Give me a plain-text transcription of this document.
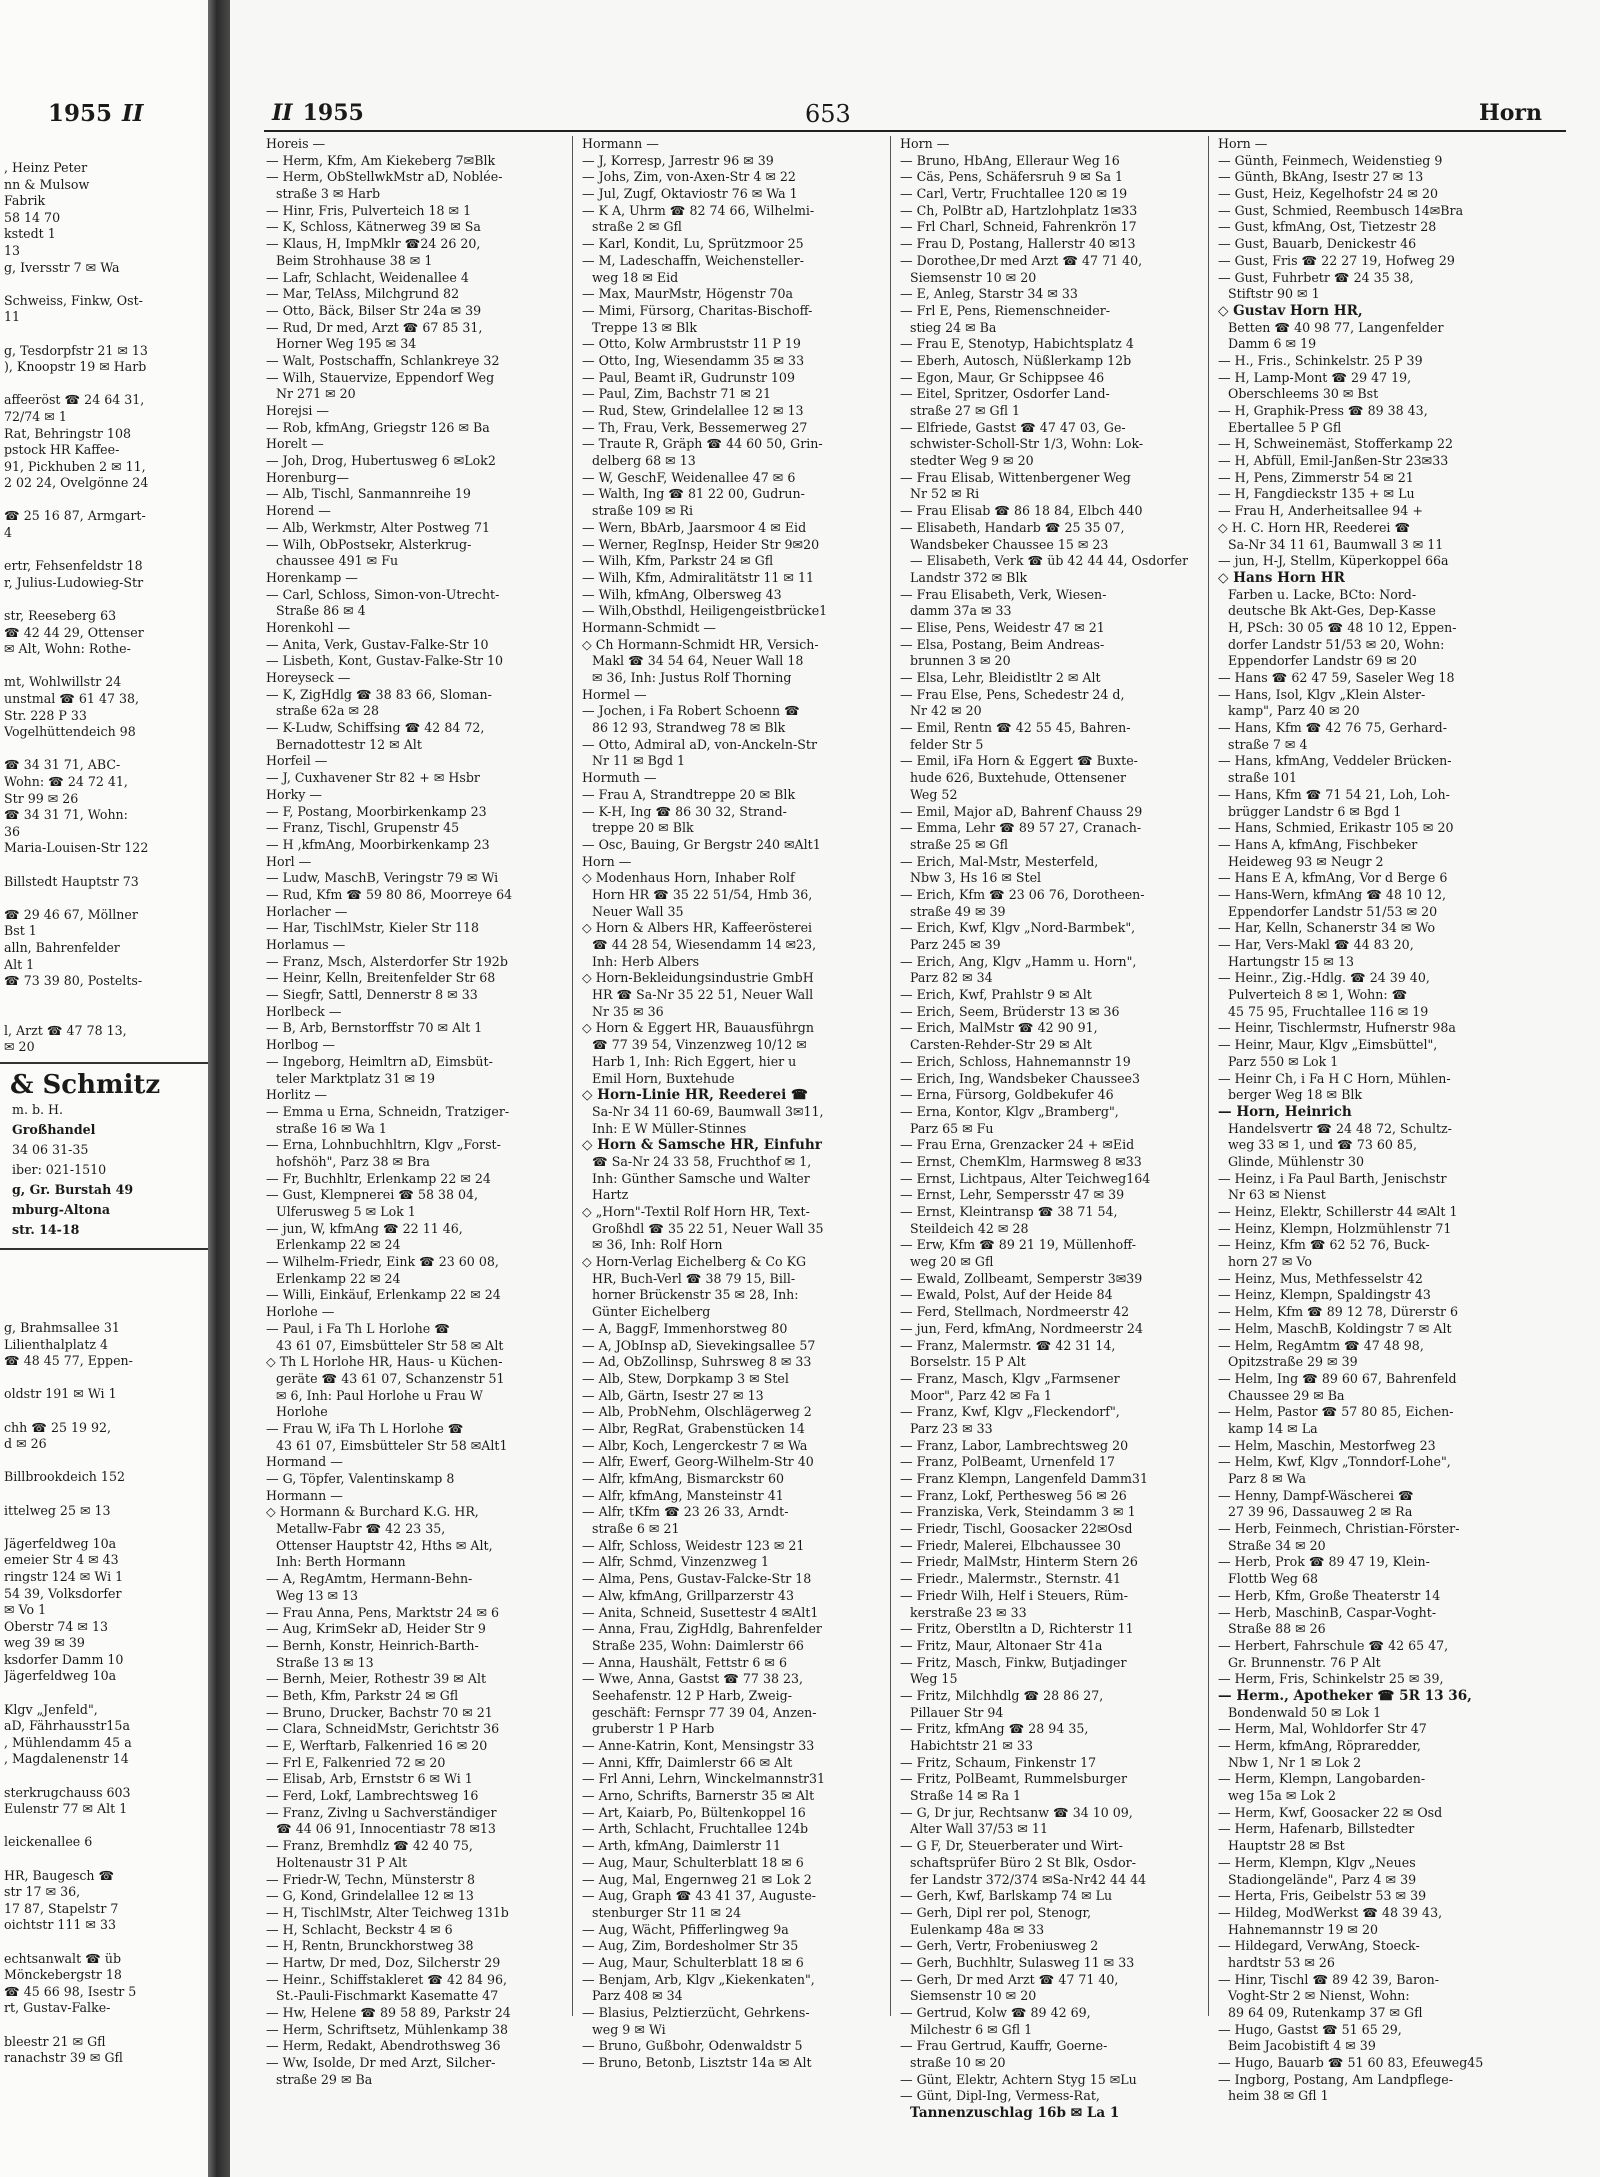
1955 II
, Heinz Peter
nn & Mulsow
Fabrik
58 14 70
kstedt 1
13
g, Iversstr 7 ✉ Wa

Schweiss, Finkw, Ost-
11

g, Tesdorpfstr 21 ✉ 13
), Knoopstr 19 ✉ Harb

affeeröst ☎ 24 64 31,
72/74 ✉ 1
Rat, Behringstr 108
pstock HR Kaffee-
91, Pickhuben 2 ✉ 11,
2 02 24, Ovelgönne 24

☎ 25 16 87, Armgart-
4

ertr, Fehsenfeldstr 18
r, Julius-Ludowieg-Str

str, Reeseberg 63
☎ 42 44 29, Ottenser
✉ Alt, Wohn: Rothe-

mt, Wohlwillstr 24
unstmal ☎ 61 47 38,
Str. 228 P 33
Vogelhüttendeich 98

☎ 34 31 71, ABC-
Wohn: ☎ 24 72 41,
Str 99 ✉ 26
☎ 34 31 71, Wohn:
36
Maria-Louisen-Str 122

Billstedt Hauptstr 73

☎ 29 46 67, Möllner
Bst 1
alln, Bahrenfelder
Alt 1
☎ 73 39 80, Postelts-

l, Arzt ☎ 47 78 13,
✉ 20
& Schmitz
m. b. H.
Großhandel
34 06 31-35
iber: 021-1510
g, Gr. Burstah 49
mburg-Altona
str. 14-18
g, Brahmsallee 31
Lilienthalplatz 4
☎ 48 45 77, Eppen-

oldstr 191 ✉ Wi 1

chh ☎ 25 19 92,
d ✉ 26

Billbrookdeich 152

ittelweg 25 ✉ 13

Jägerfeldweg 10a
emeier Str 4 ✉ 43
ringstr 124 ✉ Wi 1
54 39, Volksdorfer
✉ Vo 1
Oberstr 74 ✉ 13
weg 39 ✉ 39
ksdorfer Damm 10
Jägerfeldweg 10a

Klgv „Jenfeld",
aD, Fährhausstr15a
, Mühlendamm 45 a
, Magdalenenstr 14

sterkrugchauss 603
Eulenstr 77 ✉ Alt 1

leickenallee 6

HR, Baugesch ☎
str 17 ✉ 36,
17 87, Stapelstr 7
oichtstr 111 ✉ 33

echtsanwalt ☎ üb
Mönckebergstr 18
☎ 45 66 98, Isestr 5
rt, Gustav-Falke-

bleestr 21 ✉ Gfl
ranachstr 39 ✉ Gfl
II 1955	653	Horn
Horeis —
— Herm, Kfm, Am Kiekeberg 7✉Blk
— Herm, ObStellwkMstr aD, Noblée-
straße 3 ✉ Harb
— Hinr, Fris, Pulverteich 18 ✉ 1
— K, Schloss, Kätnerweg 39 ✉ Sa
— Klaus, H, ImpMklr ☎24 26 20,
Beim Strohhause 38 ✉ 1
— Lafr, Schlacht, Weidenallee 4
— Mar, TelAss, Milchgrund 82
— Otto, Bäck, Bilser Str 24a ✉ 39
— Rud, Dr med, Arzt ☎ 67 85 31,
Horner Weg 195 ✉ 34
— Walt, Postschaffn, Schlankreye 32
— Wilh, Stauervize, Eppendorf Weg
Nr 271 ✉ 20
Horejsi —
— Rob, kfmAng, Griegstr 126 ✉ Ba
Horelt —
— Joh, Drog, Hubertusweg 6 ✉Lok2
Horenburg—
— Alb, Tischl, Sanmannreihe 19
Horend —
— Alb, Werkmstr, Alter Postweg 71
— Wilh, ObPostsekr, Alsterkrug-
chaussee 491 ✉ Fu
Horenkamp —
— Carl, Schloss, Simon-von-Utrecht-
Straße 86 ✉ 4
Horenkohl —
— Anita, Verk, Gustav-Falke-Str 10
— Lisbeth, Kont, Gustav-Falke-Str 10
Horeyseck —
— K, ZigHdlg ☎ 38 83 66, Sloman-
straße 62a ✉ 28
— K-Ludw, Schiffsing ☎ 42 84 72,
Bernadottestr 12 ✉ Alt
Horfeil —
— J, Cuxhavener Str 82 + ✉ Hsbr
Horky —
— F, Postang, Moorbirkenkamp 23
— Franz, Tischl, Grupenstr 45
— H ,kfmAng, Moorbirkenkamp 23
Horl —
— Ludw, MaschB, Veringstr 79 ✉ Wi
— Rud, Kfm ☎ 59 80 86, Moorreye 64
Horlacher —
— Har, TischlMstr, Kieler Str 118
Horlamus —
— Franz, Msch, Alsterdorfer Str 192b
— Heinr, Kelln, Breitenfelder Str 68
— Siegfr, Sattl, Dennerstr 8 ✉ 33
Horlbeck —
— B, Arb, Bernstorffstr 70 ✉ Alt 1
Horlbog —
— Ingeborg, Heimltrn aD, Eimsbüt-
teler Marktplatz 31 ✉ 19
Horlitz —
— Emma u Erna, Schneidn, Tratziger-
straße 16 ✉ Wa 1
— Erna, Lohnbuchhltrn, Klgv „Forst-
hofshöh", Parz 38 ✉ Bra
— Fr, Buchhltr, Erlenkamp 22 ✉ 24
— Gust, Klempnerei ☎ 58 38 04,
Ulferusweg 5 ✉ Lok 1
— jun, W, kfmAng ☎ 22 11 46,
Erlenkamp 22 ✉ 24
— Wilhelm-Friedr, Eink ☎ 23 60 08,
Erlenkamp 22 ✉ 24
— Willi, Einkäuf, Erlenkamp 22 ✉ 24
Horlohe —
— Paul, i Fa Th L Horlohe ☎
43 61 07, Eimsbütteler Str 58 ✉ Alt
◇ Th L Horlohe HR, Haus- u Küchen-
geräte ☎ 43 61 07, Schanzenstr 51
✉ 6, Inh: Paul Horlohe u Frau W
Horlohe
— Frau W, iFa Th L Horlohe ☎
43 61 07, Eimsbütteler Str 58 ✉Alt1
Hormand —
— G, Töpfer, Valentinskamp 8
Hormann —
◇ Hormann & Burchard K.G. HR,
Metallw-Fabr ☎ 42 23 35,
Ottenser Hauptstr 42, Hths ✉ Alt,
Inh: Berth Hormann
— A, RegAmtm, Hermann-Behn-
Weg 13 ✉ 13
— Frau Anna, Pens, Marktstr 24 ✉ 6
— Aug, KrimSekr aD, Heider Str 9
— Bernh, Konstr, Heinrich-Barth-
Straße 13 ✉ 13
— Bernh, Meier, Rothestr 39 ✉ Alt
— Beth, Kfm, Parkstr 24 ✉ Gfl
— Bruno, Drucker, Bachstr 70 ✉ 21
— Clara, SchneidMstr, Gerichtstr 36
— E, Werftarb, Falkenried 16 ✉ 20
— Frl E, Falkenried 72 ✉ 20
— Elisab, Arb, Ernststr 6 ✉ Wi 1
— Ferd, Lokf, Lambrechtsweg 16
— Franz, Zivlng u Sachverständiger
☎ 44 06 91, Innocentiastr 78 ✉13
— Franz, Bremhdlz ☎ 42 40 75,
Holtenaustr 31 P Alt
— Friedr-W, Techn, Münsterstr 8
— G, Kond, Grindelallee 12 ✉ 13
— H, TischlMstr, Alter Teichweg 131b
— H, Schlacht, Beckstr 4 ✉ 6
— H, Rentn, Brunckhorstweg 38
— Hartw, Dr med, Doz, Silcherstr 29
— Heinr., Schiffstakleret ☎ 42 84 96,
St.-Pauli-Fischmarkt Kasematte 47
— Hw, Helene ☎ 89 58 89, Parkstr 24
— Herm, Schriftsetz, Mühlenkamp 38
— Herm, Redakt, Abendrothsweg 36
— Ww, Isolde, Dr med Arzt, Silcher-
straße 29 ✉ Ba
Hormann —
— J, Korresp, Jarrestr 96 ✉ 39
— Johs, Zim, von-Axen-Str 4 ✉ 22
— Jul, Zugf, Oktaviostr 76 ✉ Wa 1
— K A, Uhrm ☎ 82 74 66, Wilhelmi-
straße 2 ✉ Gfl
— Karl, Kondit, Lu, Sprützmoor 25
— M, Ladeschaffn, Weichensteller-
weg 18 ✉ Eid
— Max, MaurMstr, Högenstr 70a
— Mimi, Fürsorg, Charitas-Bischoff-
Treppe 13 ✉ Blk
— Otto, Kolw Armbruststr 11 P 19
— Otto, Ing, Wiesendamm 35 ✉ 33
— Paul, Beamt iR, Gudrunstr 109
— Paul, Zim, Bachstr 71 ✉ 21
— Rud, Stew, Grindelallee 12 ✉ 13
— Th, Frau, Verk, Bessemerweg 27
— Traute R, Gräph ☎ 44 60 50, Grin-
delberg 68 ✉ 13
— W, GeschF, Weidenallee 47 ✉ 6
— Walth, Ing ☎ 81 22 00, Gudrun-
straße 109 ✉ Ri
— Wern, BbArb, Jaarsmoor 4 ✉ Eid
— Werner, RegInsp, Heider Str 9✉20
— Wilh, Kfm, Parkstr 24 ✉ Gfl
— Wilh, Kfm, Admiralitätstr 11 ✉ 11
— Wilh, kfmAng, Olbersweg 43
— Wilh,Obsthdl, Heiligengeistbrücke1
Hormann-Schmidt —
◇ Ch Hormann-Schmidt HR, Versich-
Makl ☎ 34 54 64, Neuer Wall 18
✉ 36, Inh: Justus Rolf Thorning
Hormel —
— Jochen, i Fa Robert Schoenn ☎
86 12 93, Strandweg 78 ✉ Blk
— Otto, Admiral aD, von-Anckeln-Str
Nr 11 ✉ Bgd 1
Hormuth —
— Frau A, Strandtreppe 20 ✉ Blk
— K-H, Ing ☎ 86 30 32, Strand-
treppe 20 ✉ Blk
— Osc, Bauing, Gr Bergstr 240 ✉Alt1
Horn —
◇ Modenhaus Horn, Inhaber Rolf
Horn HR ☎ 35 22 51/54, Hmb 36,
Neuer Wall 35
◇ Horn & Albers HR, Kaffeerösterei
☎ 44 28 54, Wiesendamm 14 ✉23,
Inh: Herb Albers
◇ Horn-Bekleidungsindustrie GmbH
HR ☎ Sa-Nr 35 22 51, Neuer Wall
Nr 35 ✉ 36
◇ Horn & Eggert HR, Bauausführgn
☎ 77 39 54, Vinzenzweg 10/12 ✉
Harb 1, Inh: Rich Eggert, hier u
Emil Horn, Buxtehude
◇ Horn-Linie HR, Reederei ☎
Sa-Nr 34 11 60-69, Baumwall 3✉11,
Inh: E W Müller-Stinnes
◇ Horn & Samsche HR, Einfuhr
☎ Sa-Nr 24 33 58, Fruchthof ✉ 1,
Inh: Günther Samsche und Walter
Hartz
◇ „Horn"-Textil Rolf Horn HR, Text-
Großhdl ☎ 35 22 51, Neuer Wall 35
✉ 36, Inh: Rolf Horn
◇ Horn-Verlag Eichelberg & Co KG
HR, Buch-Verl ☎ 38 79 15, Bill-
horner Brückenstr 35 ✉ 28, Inh:
Günter Eichelberg
— A, BaggF, Immenhorstweg 80
— A, JObInsp aD, Sievekingsallee 57
— Ad, ObZollinsp, Suhrsweg 8 ✉ 33
— Alb, Stew, Dorpkamp 3 ✉ Stel
— Alb, Gärtn, Isestr 27 ✉ 13
— Alb, ProbNehm, Olschlägerweg 2
— Albr, RegRat, Grabenstücken 14
— Albr, Koch, Lengerckestr 7 ✉ Wa
— Alfr, Ewerf, Georg-Wilhelm-Str 40
— Alfr, kfmAng, Bismarckstr 60
— Alfr, kfmAng, Mansteinstr 41
— Alfr, tKfm ☎ 23 26 33, Arndt-
straße 6 ✉ 21
— Alfr, Schloss, Weidestr 123 ✉ 21
— Alfr, Schmd, Vinzenzweg 1
— Alma, Pens, Gustav-Falcke-Str 18
— Alw, kfmAng, Grillparzerstr 43
— Anita, Schneid, Susettestr 4 ✉Alt1
— Anna, Frau, ZigHdlg, Bahrenfelder
Straße 235, Wohn: Daimlerstr 66
— Anna, Haushält, Fettstr 6 ✉ 6
— Wwe, Anna, Gastst ☎ 77 38 23,
Seehafenstr. 12 P Harb, Zweig-
geschäft: Fernspr 77 39 04, Anzen-
gruberstr 1 P Harb
— Anne-Katrin, Kont, Mensingstr 33
— Anni, Kffr, Daimlerstr 66 ✉ Alt
— Frl Anni, Lehrn, Winckelmannstr31
— Arno, Schrifts, Barnerstr 35 ✉ Alt
— Art, Kaiarb, Po, Bültenkoppel 16
— Arth, Schlacht, Fruchtallee 124b
— Arth, kfmAng, Daimlerstr 11
— Aug, Maur, Schulterblatt 18 ✉ 6
— Aug, Mal, Engernweg 21 ✉ Lok 2
— Aug, Graph ☎ 43 41 37, Auguste-
stenburger Str 11 ✉ 24
— Aug, Wächt, Pfifferlingweg 9a
— Aug, Zim, Bordesholmer Str 35
— Aug, Maur, Schulterblatt 18 ✉ 6
— Benjam, Arb, Klgv „Kiekenkaten",
Parz 408 ✉ 34
— Blasius, Pelztierzücht, Gehrkens-
weg 9 ✉ Wi
— Bruno, Gußbohr, Odenwaldstr 5
— Bruno, Betonb, Lisztstr 14a ✉ Alt
Horn —
— Bruno, HbAng, Elleraur Weg 16
— Cäs, Pens, Schäfersruh 9 ✉ Sa 1
— Carl, Vertr, Fruchtallee 120 ✉ 19
— Ch, PolBtr aD, Hartzlohplatz 1✉33
— Frl Charl, Schneid, Fahrenkrön 17
— Frau D, Postang, Hallerstr 40 ✉13
— Dorothee,Dr med Arzt ☎ 47 71 40,
Siemsenstr 10 ✉ 20
— E, Anleg, Starstr 34 ✉ 33
— Frl E, Pens, Riemenschneider-
stieg 24 ✉ Ba
— Frau E, Stenotyp, Habichtsplatz 4
— Eberh, Autosch, Nüßlerkamp 12b
— Egon, Maur, Gr Schippsee 46
— Eitel, Spritzer, Osdorfer Land-
straße 27 ✉ Gfl 1
— Elfriede, Gastst ☎ 47 47 03, Ge-
schwister-Scholl-Str 1/3, Wohn: Lok-
stedter Weg 9 ✉ 20
— Frau Elisab, Wittenbergener Weg
Nr 52 ✉ Ri
— Frau Elisab ☎ 86 18 84, Elbch 440
— Elisabeth, Handarb ☎ 25 35 07,
Wandsbeker Chaussee 15 ✉ 23
— Elisabeth, Verk ☎ üb 42 44 44, Osdorfer
Landstr 372 ✉ Blk
— Frau Elisabeth, Verk, Wiesen-
damm 37a ✉ 33
— Elise, Pens, Weidestr 47 ✉ 21
— Elsa, Postang, Beim Andreas-
brunnen 3 ✉ 20
— Elsa, Lehr, Bleidistltr 2 ✉ Alt
— Frau Else, Pens, Schedestr 24 d,
Nr 42 ✉ 20
— Emil, Rentn ☎ 42 55 45, Bahren-
felder Str 5
— Emil, iFa Horn & Eggert ☎ Buxte-
hude 626, Buxtehude, Ottensener
Weg 52
— Emil, Major aD, Bahrenf Chauss 29
— Emma, Lehr ☎ 89 57 27, Cranach-
straße 25 ✉ Gfl
— Erich, Mal-Mstr, Mesterfeld,
Nbw 3, Hs 16 ✉ Stel
— Erich, Kfm ☎ 23 06 76, Dorotheen-
straße 49 ✉ 39
— Erich, Kwf, Klgv „Nord-Barmbek",
Parz 245 ✉ 39
— Erich, Ang, Klgv „Hamm u. Horn",
Parz 82 ✉ 34
— Erich, Kwf, Prahlstr 9 ✉ Alt
— Erich, Seem, Brüderstr 13 ✉ 36
— Erich, MalMstr ☎ 42 90 91,
Carsten-Rehder-Str 29 ✉ Alt
— Erich, Schloss, Hahnemannstr 19
— Erich, Ing, Wandsbeker Chaussee3
— Erna, Fürsorg, Goldbekufer 46
— Erna, Kontor, Klgv „Bramberg",
Parz 65 ✉ Fu
— Frau Erna, Grenzacker 24 + ✉Eid
— Ernst, ChemKlm, Harmsweg 8 ✉33
— Ernst, Lichtpaus, Alter Teichweg164
— Ernst, Lehr, Sempersstr 47 ✉ 39
— Ernst, Kleintransp ☎ 38 71 54,
Steildeich 42 ✉ 28
— Erw, Kfm ☎ 89 21 19, Müllenhoff-
weg 20 ✉ Gfl
— Ewald, Zollbeamt, Semperstr 3✉39
— Ewald, Polst, Auf der Heide 84
— Ferd, Stellmach, Nordmeerstr 42
— jun, Ferd, kfmAng, Nordmeerstr 24
— Franz, Malermstr. ☎ 42 31 14,
Borselstr. 15 P Alt
— Franz, Masch, Klgv „Farmsener
Moor", Parz 42 ✉ Fa 1
— Franz, Kwf, Klgv „Fleckendorf",
Parz 23 ✉ 33
— Franz, Labor, Lambrechtsweg 20
— Franz, PolBeamt, Urnenfeld 17
— Franz Klempn, Langenfeld Damm31
— Franz, Lokf, Perthesweg 56 ✉ 26
— Franziska, Verk, Steindamm 3 ✉ 1
— Friedr, Tischl, Goosacker 22✉Osd
— Friedr, Malerei, Elbchaussee 30
— Friedr, MalMstr, Hinterm Stern 26
— Friedr., Malermstr., Sternstr. 41
— Friedr Wilh, Helf i Steuers, Rüm-
kerstraße 23 ✉ 33
— Fritz, Oberstltn a D, Richterstr 11
— Fritz, Maur, Altonaer Str 41a
— Fritz, Masch, Finkw, Butjadinger
Weg 15
— Fritz, Milchhdlg ☎ 28 86 27,
Pillauer Str 94
— Fritz, kfmAng ☎ 28 94 35,
Habichtstr 21 ✉ 33
— Fritz, Schaum, Finkenstr 17
— Fritz, PolBeamt, Rummelsburger
Straße 14 ✉ Ra 1
— G, Dr jur, Rechtsanw ☎ 34 10 09,
Alter Wall 37/53 ✉ 11
— G F, Dr, Steuerberater und Wirt-
schaftsprüfer Büro 2 St Blk, Osdor-
fer Landstr 372/374 ✉Sa-Nr42 44 44
— Gerh, Kwf, Barlskamp 74 ✉ Lu
— Gerh, Dipl rer pol, Stenogr,
Eulenkamp 48a ✉ 33
— Gerh, Vertr, Frobeniusweg 2
— Gerh, Buchhltr, Sulasweg 11 ✉ 33
— Gerh, Dr med Arzt ☎ 47 71 40,
Siemsenstr 10 ✉ 20
— Gertrud, Kolw ☎ 89 42 69,
Milchestr 6 ✉ Gfl 1
— Frau Gertrud, Kauffr, Goerne-
straße 10 ✉ 20
— Günt, Elektr, Achtern Styg 15 ✉Lu
— Günt, Dipl-Ing, Vermess-Rat,
Tannenzuschlag 16b ✉ La 1
Horn —
— Günth, Feinmech, Weidenstieg 9
— Günth, BkAng, Isestr 27 ✉ 13
— Gust, Heiz, Kegelhofstr 24 ✉ 20
— Gust, Schmied, Reembusch 14✉Bra
— Gust, kfmAng, Ost, Tietzestr 28
— Gust, Bauarb, Denickestr 46
— Gust, Fris ☎ 22 27 19, Hofweg 29
— Gust, Fuhrbetr ☎ 24 35 38,
Stiftstr 90 ✉ 1
◇ Gustav Horn HR,
Betten ☎ 40 98 77, Langenfelder
Damm 6 ✉ 19
— H., Fris., Schinkelstr. 25 P 39
— H, Lamp-Mont ☎ 29 47 19,
Oberschleems 30 ✉ Bst
— H, Graphik-Press ☎ 89 38 43,
Ebertallee 5 P Gfl
— H, Schweinemäst, Stofferkamp 22
— H, Abfüll, Emil-Janßen-Str 23✉33
— H, Pens, Zimmerstr 54 ✉ 21
— H, Fangdieckstr 135 + ✉ Lu
— Frau H, Anderheitsallee 94 +
◇ H. C. Horn HR, Reederei ☎
Sa-Nr 34 11 61, Baumwall 3 ✉ 11
— jun, H-J, Stellm, Küperkoppel 66a
◇ Hans Horn HR
Farben u. Lacke, BCto: Nord-
deutsche Bk Akt-Ges, Dep-Kasse
H, PSch: 30 05 ☎ 48 10 12, Eppen-
dorfer Landstr 51/53 ✉ 20, Wohn:
Eppendorfer Landstr 69 ✉ 20
— Hans ☎ 62 47 59, Saseler Weg 18
— Hans, Isol, Klgv „Klein Alster-
kamp", Parz 40 ✉ 20
— Hans, Kfm ☎ 42 76 75, Gerhard-
straße 7 ✉ 4
— Hans, kfmAng, Veddeler Brücken-
straße 101
— Hans, Kfm ☎ 71 54 21, Loh, Loh-
brügger Landstr 6 ✉ Bgd 1
— Hans, Schmied, Erikastr 105 ✉ 20
— Hans A, kfmAng, Fischbeker
Heideweg 93 ✉ Neugr 2
— Hans E A, kfmAng, Vor d Berge 6
— Hans-Wern, kfmAng ☎ 48 10 12,
Eppendorfer Landstr 51/53 ✉ 20
— Har, Kelln, Schanerstr 34 ✉ Wo
— Har, Vers-Makl ☎ 44 83 20,
Hartungstr 15 ✉ 13
— Heinr., Zig.-Hdlg. ☎ 24 39 40,
Pulverteich 8 ✉ 1, Wohn: ☎
45 75 95, Fruchtallee 116 ✉ 19
— Heinr, Tischlermstr, Hufnerstr 98a
— Heinr, Maur, Klgv „Eimsbüttel",
Parz 550 ✉ Lok 1
— Heinr Ch, i Fa H C Horn, Mühlen-
berger Weg 18 ✉ Blk
— Horn, Heinrich
Handelsvertr ☎ 24 48 72, Schultz-
weg 33 ✉ 1, und ☎ 73 60 85,
Glinde, Mühlenstr 30
— Heinz, i Fa Paul Barth, Jenischstr
Nr 63 ✉ Nienst
— Heinz, Elektr, Schillerstr 44 ✉Alt 1
— Heinz, Klempn, Holzmühlenstr 71
— Heinz, Kfm ☎ 62 52 76, Buck-
horn 27 ✉ Vo
— Heinz, Mus, Methfesselstr 42
— Heinz, Klempn, Spaldingstr 43
— Helm, Kfm ☎ 89 12 78, Dürerstr 6
— Helm, MaschB, Koldingstr 7 ✉ Alt
— Helm, RegAmtm ☎ 47 48 98,
Opitzstraße 29 ✉ 39
— Helm, Ing ☎ 89 60 67, Bahrenfeld
Chaussee 29 ✉ Ba
— Helm, Pastor ☎ 57 80 85, Eichen-
kamp 14 ✉ La
— Helm, Maschin, Mestorfweg 23
— Helm, Kwf, Klgv „Tonndorf-Lohe",
Parz 8 ✉ Wa
— Henny, Dampf-Wäscherei ☎
27 39 96, Dassauweg 2 ✉ Ra
— Herb, Feinmech, Christian-Förster-
Straße 34 ✉ 20
— Herb, Prok ☎ 89 47 19, Klein-
Flottb Weg 68
— Herb, Kfm, Große Theaterstr 14
— Herb, MaschinB, Caspar-Voght-
Straße 88 ✉ 26
— Herbert, Fahrschule ☎ 42 65 47,
Gr. Brunnenstr. 76 P Alt
— Herm, Fris, Schinkelstr 25 ✉ 39,
— Herm., Apotheker ☎ 5R 13 36,
Bondenwald 50 ✉ Lok 1
— Herm, Mal, Wohldorfer Str 47
— Herm, kfmAng, Röpraredder,
Nbw 1, Nr 1 ✉ Lok 2
— Herm, Klempn, Langobarden-
weg 15a ✉ Lok 2
— Herm, Kwf, Goosacker 22 ✉ Osd
— Herm, Hafenarb, Billstedter
Hauptstr 28 ✉ Bst
— Herm, Klempn, Klgv „Neues
Stadiongelände", Parz 4 ✉ 39
— Herta, Fris, Geibelstr 53 ✉ 39
— Hildeg, ModWerkst ☎ 48 39 43,
Hahnemannstr 19 ✉ 20
— Hildegard, VerwAng, Stoeck-
hardtstr 53 ✉ 26
— Hinr, Tischl ☎ 89 42 39, Baron-
Voght-Str 2 ✉ Nienst, Wohn:
89 64 09, Rutenkamp 37 ✉ Gfl
— Hugo, Gastst ☎ 51 65 29,
Beim Jacobistift 4 ✉ 39
— Hugo, Bauarb ☎ 51 60 83, Efeuweg45
— Ingborg, Postang, Am Landpflege-
heim 38 ✉ Gfl 1
